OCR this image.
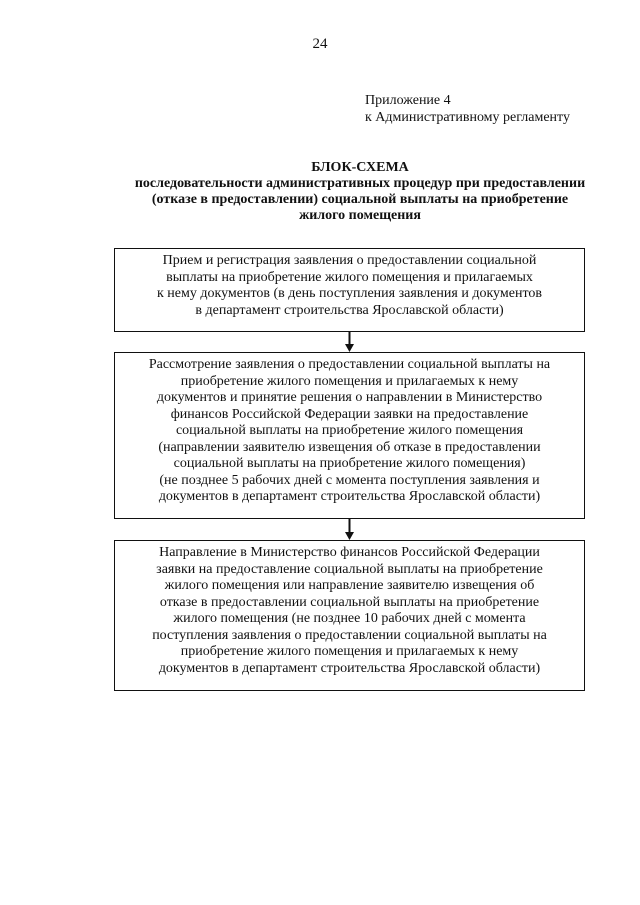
24
Приложение 4
к Административному регламенту
БЛОК-СХЕМА
последовательности административных процедур при предоставлении
(отказе в предоставлении) социальной выплаты на приобретение
жилого помещения
Прием и регистрация заявления о предоставлении социальной
выплаты на приобретение жилого помещения и прилагаемых
к нему документов (в день поступления заявления и документов
в департамент строительства Ярославской области)
Рассмотрение заявления о предоставлении социальной выплаты на
приобретение жилого помещения и прилагаемых к нему
документов и принятие решения о направлении в Министерство
финансов Российской Федерации заявки на предоставление
социальной выплаты на приобретение жилого помещения
(направлении заявителю извещения об отказе в предоставлении
социальной выплаты на приобретение жилого помещения)
(не позднее 5 рабочих дней с момента поступления заявления и
документов в департамент строительства Ярославской области)
Направление в Министерство финансов Российской Федерации
заявки на предоставление социальной выплаты на приобретение
жилого помещения или направление заявителю извещения об
отказе в предоставлении социальной выплаты на приобретение
жилого помещения (не позднее 10 рабочих дней с момента
поступления заявления о предоставлении социальной выплаты на
приобретение жилого помещения и прилагаемых к нему
документов в департамент строительства Ярославской области)
